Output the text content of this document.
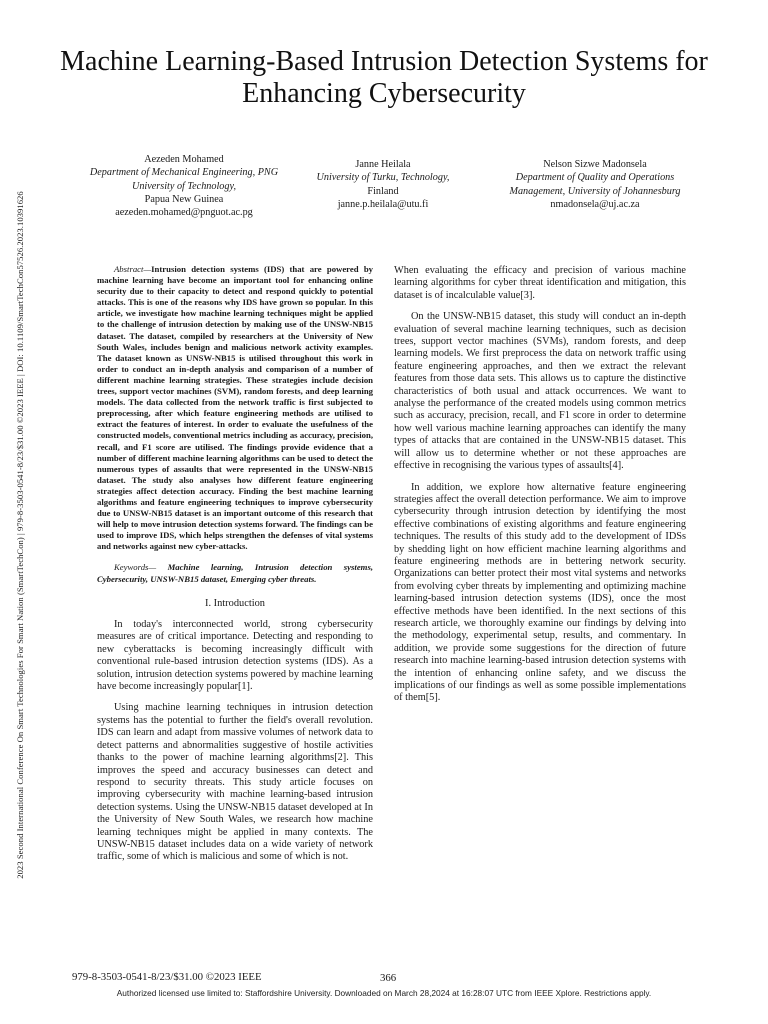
2023 Second International Conference On Smart Technologies For Smart Nation (SmartTechCon) | 979-8-3503-0541-8/23/$31.00 ©2023 IEEE | DOI: 10.1109/SmartTechCon57526.2023.10391626
Machine Learning-Based Intrusion Detection Systems for Enhancing Cybersecurity
Aezeden Mohamed
Department of Mechanical Engineering, PNG University of Technology,
Papua New Guinea
aezeden.mohamed@pnguot.ac.pg
Janne Heilala
University of Turku, Technology,
Finland
janne.p.heilala@utu.fi
Nelson Sizwe Madonsela
Department of Quality and Operations Management, University of Johannesburg
nmadonsela@uj.ac.za
Abstract—Intrusion detection systems (IDS) that are powered by machine learning have become an important tool for enhancing online security due to their capacity to detect and respond quickly to potential attacks. This is one of the reasons why IDS have grown so popular. In this article, we investigate how machine learning techniques might be applied to the challenge of intrusion detection by making use of the UNSW-NB15 dataset. The dataset, compiled by researchers at the University of New South Wales, includes benign and malicious network activity examples. The dataset known as UNSW-NB15 is utilised throughout this work in order to conduct an in-depth analysis and comparison of a number of different machine learning strategies. These strategies include decision trees, support vector machines (SVM), random forests, and deep learning models. The data collected from the network traffic is first subjected to preprocessing, after which feature engineering methods are utilised to extract the features of interest. In order to evaluate the usefulness of the constructed models, conventional metrics including as accuracy, precision, recall, and F1 score are utilised. The findings provide evidence that a number of different machine learning algorithms can be used to detect the numerous types of assaults that were represented in the UNSW-NB15 dataset. The study also analyses how different feature engineering strategies affect detection accuracy. Finding the best machine learning algorithms and feature engineering techniques to improve cybersecurity due to UNSW-NB15 dataset is an important outcome of this research that will help to move intrusion detection systems forward. The findings can be used to improve IDS, which helps strengthen the defenses of vital systems and networks against new cyber-attacks.
Keywords— Machine learning, Intrusion detection systems, Cybersecurity, UNSW-NB15 dataset, Emerging cyber threats.

I. Introduction

In today's interconnected world, strong cybersecurity measures are of critical importance. Detecting and responding to new cyberattacks is becoming increasingly difficult with conventional rule-based intrusion detection systems (IDS). As a solution, intrusion detection systems powered by machine learning have become increasingly popular[1].

Using machine learning techniques in intrusion detection systems has the potential to further the field's overall revolution. IDS can learn and adapt from massive volumes of network data to detect patterns and abnormalities suggestive of hostile activities thanks to the power of machine learning algorithms[2]. This improves the speed and accuracy businesses can detect and respond to security threats. This study article focuses on improving cybersecurity with machine learning-based intrusion detection systems. Using the UNSW-NB15 dataset developed at In the University of New South Wales, we research how machine learning techniques might be applied in many contexts. The UNSW-NB15 dataset includes data on a wide variety of network traffic, some of which is malicious and some of which is not.

When evaluating the efficacy and precision of various machine learning algorithms for cyber threat identification and mitigation, this dataset is of incalculable value[3].

On the UNSW-NB15 dataset, this study will conduct an in-depth evaluation of several machine learning techniques, such as decision trees, support vector machines (SVMs), random forests, and deep learning models. We first preprocess the data on network traffic using feature engineering approaches, and then we extract the relevant features from those data sets. This allows us to capture the distinctive characteristics of both usual and attack occurrences. We want to analyse the performance of the created models using common metrics such as accuracy, precision, recall, and F1 score in order to determine how well various machine learning approaches can identify the many types of attacks that are contained in the UNSW-NB15 dataset. This will allow us to determine whether or not these approaches are effective in recognising the various types of assaults[4].

In addition, we explore how alternative feature engineering strategies affect the overall detection performance. We aim to improve cybersecurity through intrusion detection by identifying the most effective combinations of existing algorithms and feature engineering techniques. The results of this study add to the development of IDSs by shedding light on how efficient machine learning algorithms and feature engineering methods are in bettering network security. Organizations can better protect their most vital systems and networks from evolving cyber threats by implementing and optimizing machine learning-based intrusion detection systems (IDS), once the most effective methods have been identified. In the next sections of this research article, we thoroughly examine our findings by delving into the methodology, experimental setup, results, and commentary. In addition, we provide some suggestions for the direction of future research into machine learning-based intrusion detection systems with the intention of enhancing online safety, and we discuss the implications of our findings as well as some possible implementations of them[5].

979-8-3503-0541-8/23/$31.00 ©2023 IEEE	366
Authorized licensed use limited to: Staffordshire University. Downloaded on March 28,2024 at 16:28:07 UTC from IEEE Xplore. Restrictions apply.
